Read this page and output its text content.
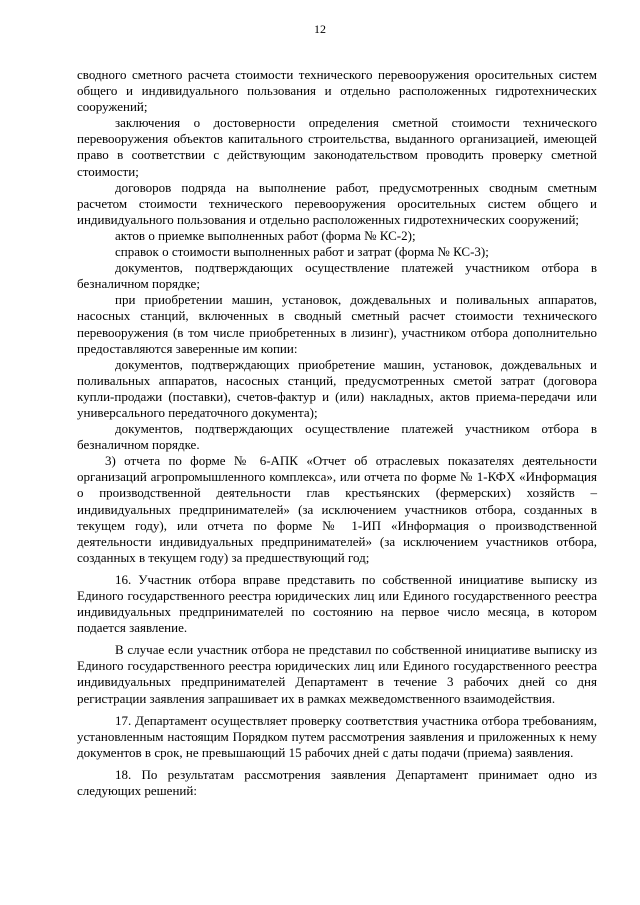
12

сводного сметного расчета стоимости технического перевооружения оросительных систем общего и индивидуального пользования и отдельно расположенных гидротехнических сооружений;

заключения о достоверности определения сметной стоимости технического перевооружения объектов капитального строительства, выданного организацией, имеющей право в соответствии с действующим законодательством проводить проверку сметной стоимости;

договоров подряда на выполнение работ, предусмотренных сводным сметным расчетом стоимости технического перевооружения оросительных систем общего и индивидуального пользования и отдельно расположенных гидротехнических сооружений;

актов о приемке выполненных работ (форма № КС-2);

справок о стоимости выполненных работ и затрат (форма № КС-3);

документов, подтверждающих осуществление платежей участником отбора в безналичном порядке;

при приобретении машин, установок, дождевальных и поливальных аппаратов, насосных станций, включенных в сводный сметный расчет стоимости технического перевооружения (в том числе приобретенных в лизинг), участником отбора дополнительно предоставляются заверенные им копии:

документов, подтверждающих приобретение машин, установок, дождевальных и поливальных аппаратов, насосных станций, предусмотренных сметой затрат (договора купли-продажи (поставки), счетов-фактур и (или) накладных, актов приема-передачи или универсального передаточного документа);

документов, подтверждающих осуществление платежей участником отбора в безналичном порядке.

3) отчета по форме № 6-АПК «Отчет об отраслевых показателях деятельности организаций агропромышленного комплекса», или отчета по форме № 1-КФХ «Информация о производственной деятельности глав крестьянских (фермерских) хозяйств – индивидуальных предпринимателей» (за исключением участников отбора, созданных в текущем году), или отчета по форме № 1-ИП «Информация о производственной деятельности индивидуальных предпринимателей» (за исключением участников отбора, созданных в текущем году) за предшествующий год;

16. Участник отбора вправе представить по собственной инициативе выписку из Единого государственного реестра юридических лиц или Единого государственного реестра индивидуальных предпринимателей по состоянию на первое число месяца, в котором подается заявление.

В случае если участник отбора не представил по собственной инициативе выписку из Единого государственного реестра юридических лиц или Единого государственного реестра индивидуальных предпринимателей Департамент в течение 3 рабочих дней со дня регистрации заявления запрашивает их в рамках межведомственного взаимодействия.

17. Департамент осуществляет проверку соответствия участника отбора требованиям, установленным настоящим Порядком путем рассмотрения заявления и приложенных к нему документов в срок, не превышающий 15 рабочих дней с даты подачи (приема) заявления.

18. По результатам рассмотрения заявления Департамент принимает одно из следующих решений:
